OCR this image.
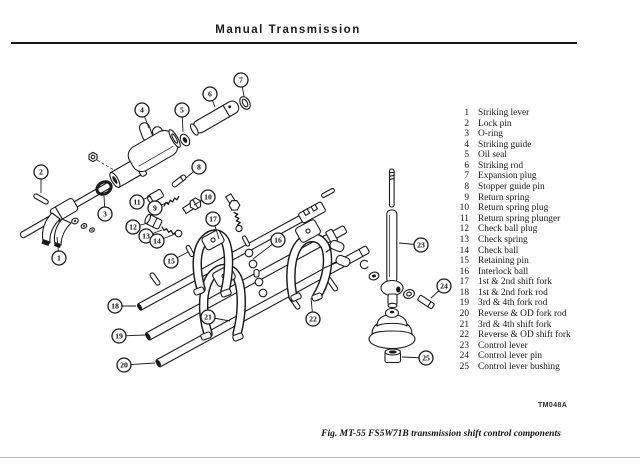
1
2
3
4	5
6
7
8
9
10
11
12
13
14
15
16
17
18
19
20
21	22
23
24
25
Manual Transmission
1 Striking lever
2 Lock pin
3 O-ring
4 Striking guide
5 Oil seal
6 Striking rod
7 Expansion plug
8 Stopper guide pin
9 Return spring
10 Return spring plug
11 Return spring plunger
12 Check ball plug
13 Check spring
14 Check ball
15 Retaining pin
16 Interlock ball
17 1st & 2nd shift fork
18 1st & 2nd fork rod
19 3rd & 4th fork rod
20 Reverse & OD fork rod
21 3rd & 4th shift fork
22 Reverse & OD shift fork
23 Control lever
24 Control lever pin
25 Control lever bushing
TM048A
Fig. MT-55 FS5W71B transmission shift control components
